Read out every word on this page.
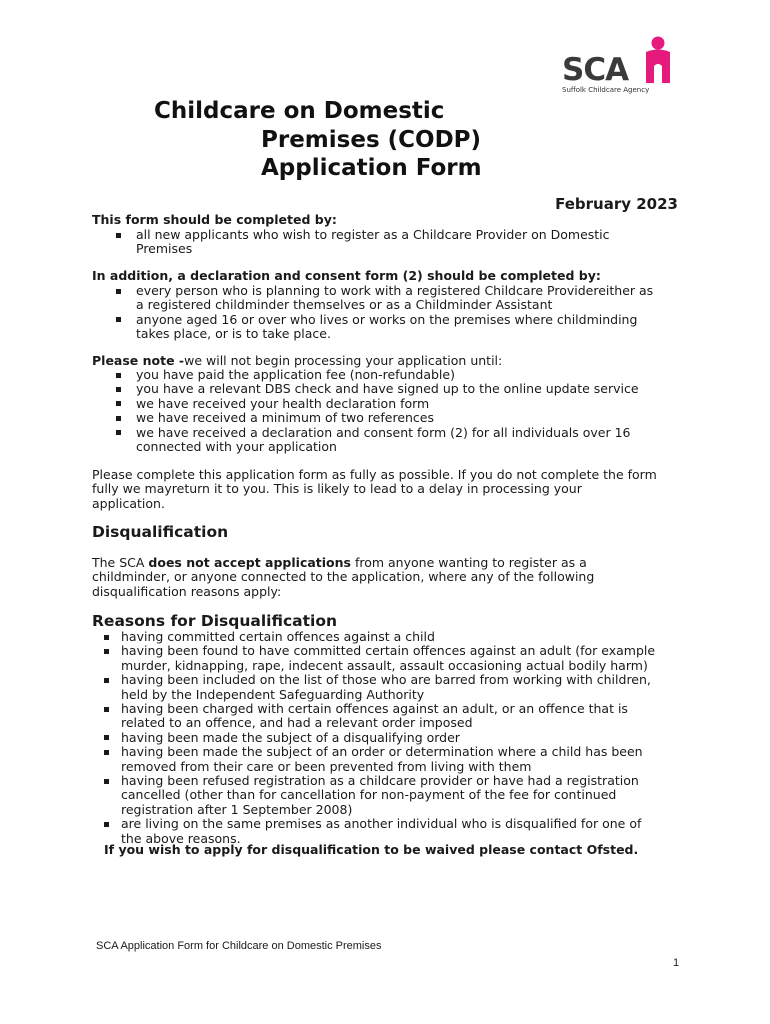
SCA
Suffolk Childcare Agency
Childcare on Domestic
Premises (CODP)
Application Form
February 2023
This form should be completed by:
all new applicants who wish to register as a Childcare Provider on Domestic
Premises
In addition, a declaration and consent form (2) should be completed by:
every person who is planning to work with a registered Childcare Providereither as
a registered childminder themselves or as a Childminder Assistant
anyone aged 16 or over who lives or works on the premises where childminding
takes place, or is to take place.
Please note -we will not begin processing your application until:
you have paid the application fee (non-refundable)
you have a relevant DBS check and have signed up to the online update service
we have received your health declaration form
we have received a minimum of two references
we have received a declaration and consent form (2) for all individuals over 16
connected with your application
Please complete this application form as fully as possible. If you do not complete the form
fully we mayreturn it to you. This is likely to lead to a delay in processing your
application.
Disqualification
The SCA does not accept applications from anyone wanting to register as a
childminder, or anyone connected to the application, where any of the following
disqualification reasons apply:
Reasons for Disqualification
having committed certain offences against a child
having been found to have committed certain offences against an adult (for example
murder, kidnapping, rape, indecent assault, assault occasioning actual bodily harm)
having been included on the list of those who are barred from working with children,
held by the Independent Safeguarding Authority
having been charged with certain offences against an adult, or an offence that is
related to an offence, and had a relevant order imposed
having been made the subject of a disqualifying order
having been made the subject of an order or determination where a child has been
removed from their care or been prevented from living with them
having been refused registration as a childcare provider or have had a registration
cancelled (other than for cancellation for non-payment of the fee for continued
registration after 1 September 2008)
are living on the same premises as another individual who is disqualified for one of
the above reasons.
If you wish to apply for disqualification to be waived please contact Ofsted.
SCA Application Form for Childcare on Domestic Premises
1
